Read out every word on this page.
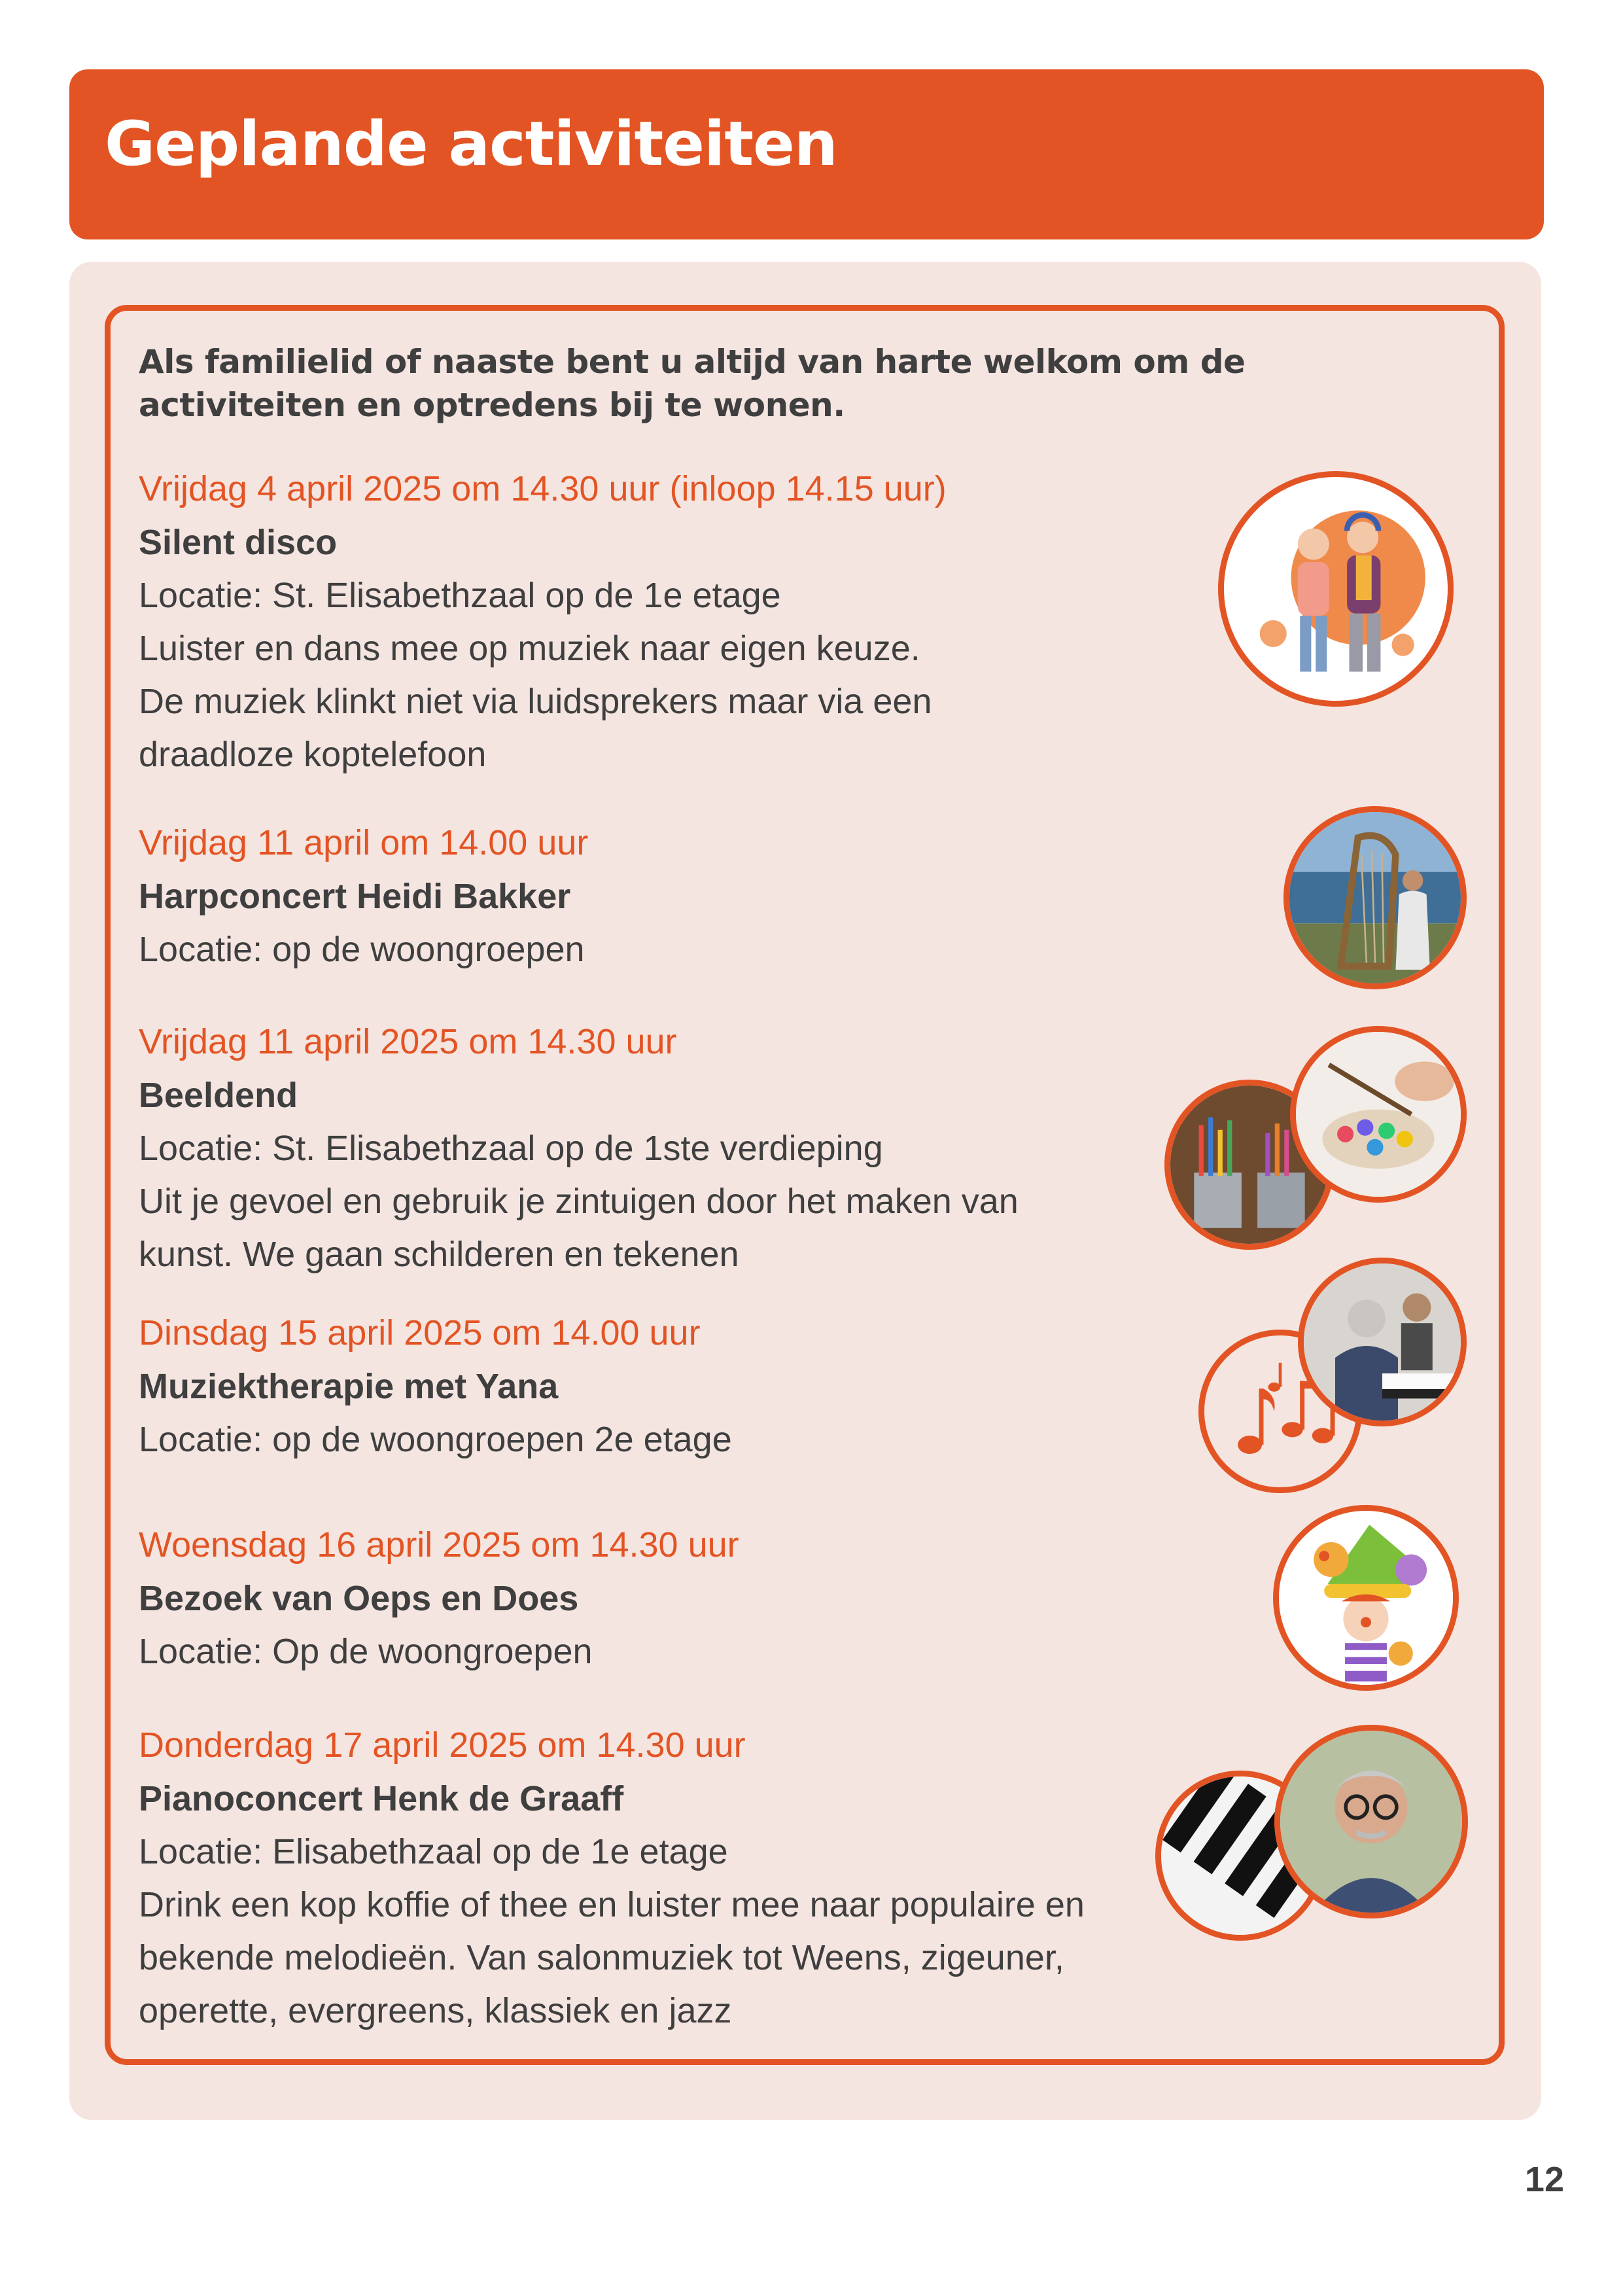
Geplande activiteiten
Als familielid of naaste bent u altijd van harte welkom om de activiteiten en optredens bij te wonen.
Vrijdag 4 april 2025 om 14.30 uur (inloop 14.15 uur)
Silent disco
Locatie: St. Elisabethzaal op de 1e etage
Luister en dans mee op muziek naar eigen keuze.
De muziek klinkt niet via luidsprekers maar via een
draadloze koptelefoon
Vrijdag 11 april om 14.00 uur
Harpconcert Heidi Bakker
Locatie: op de woongroepen
Vrijdag 11 april 2025 om 14.30 uur
Beeldend
Locatie: St. Elisabethzaal op de 1ste verdieping
Uit je gevoel en gebruik je zintuigen door het maken van
kunst. We gaan schilderen en tekenen
Dinsdag 15 april 2025 om 14.00 uur
Muziektherapie met Yana
Locatie: op de woongroepen 2e etage
Woensdag 16 april 2025 om 14.30 uur
Bezoek van Oeps en Does
Locatie: Op de woongroepen
Donderdag 17 april 2025 om 14.30 uur
Pianoconcert Henk de Graaff
Locatie: Elisabethzaal op de 1e etage
Drink een kop koffie of thee en luister mee naar populaire en
bekende melodieën. Van salonmuziek tot Weens, zigeuner,
operette, evergreens, klassiek en jazz
12
